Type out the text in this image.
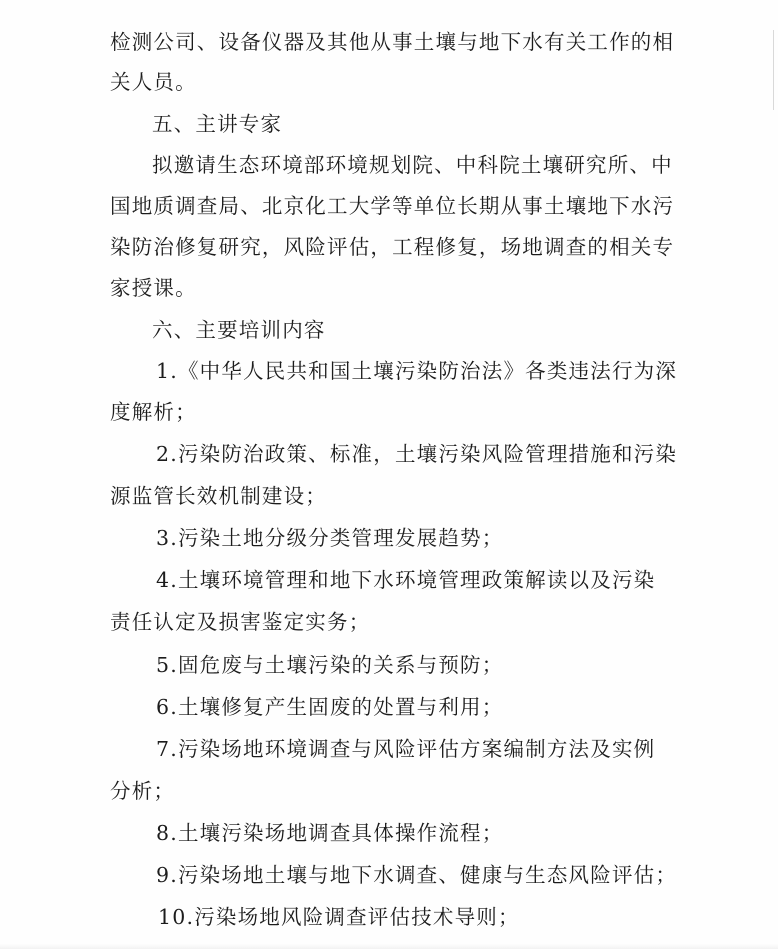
检测公司、设备仪器及其他从事土壤与地下水有关工作的相
关人员。
五、主讲专家
拟邀请生态环境部环境规划院、中科院土壤研究所、中
国地质调查局、北京化工大学等单位长期从事土壤地下水污
染防治修复研究，风险评估，工程修复，场地调查的相关专
家授课。
六、主要培训内容
1.《中华人民共和国土壤污染防治法》各类违法行为深
度解析；
2.污染防治政策、标准，土壤污染风险管理措施和污染
源监管长效机制建设；
3.污染土地分级分类管理发展趋势；
4.土壤环境管理和地下水环境管理政策解读以及污染
责任认定及损害鉴定实务；
5.固危废与土壤污染的关系与预防；
6.土壤修复产生固废的处置与利用；
7.污染场地环境调查与风险评估方案编制方法及实例
分析；
8.土壤污染场地调查具体操作流程；
9.污染场地土壤与地下水调查、健康与生态风险评估；
10.污染场地风险调查评估技术导则；
